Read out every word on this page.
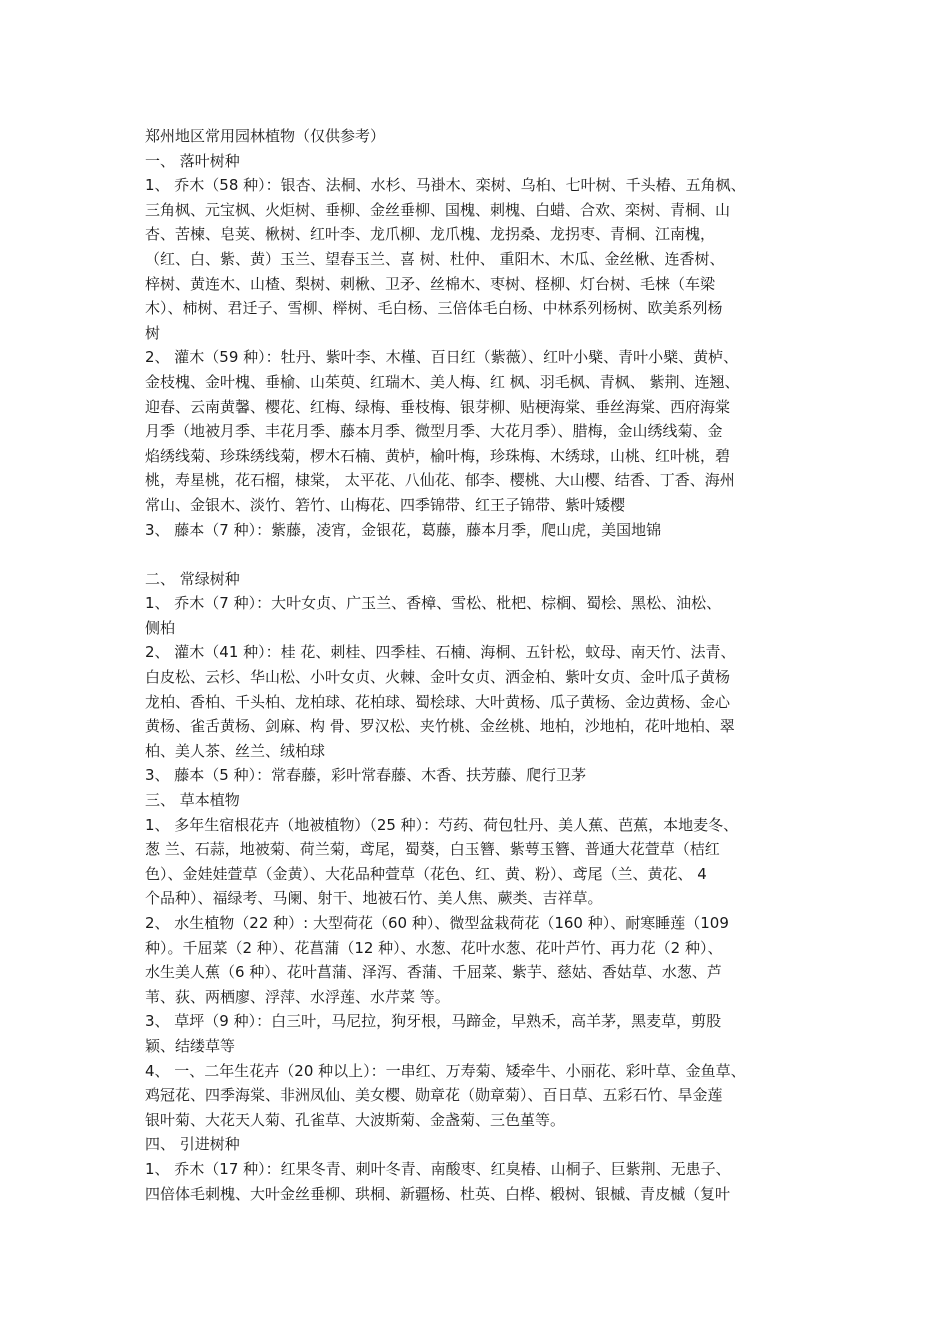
郑州地区常用园林植物（仅供参考）
一、 落叶树种
1、 乔木（58 种）：银杏、法桐、水杉、马褂木、栾树、乌桕、七叶树、千头椿、五角枫、
三角枫、元宝枫、火炬树、垂柳、金丝垂柳、国槐、刺槐、白蜡、合欢、栾树、青桐、山
杏、苦楝、皂荚、楸树、红叶李、龙爪柳、龙爪槐、龙拐桑、龙拐枣、青桐、江南槐，
（红、白、紫、黄）玉兰、望春玉兰、喜 树、杜仲、 重阳木、木瓜、金丝楸、连香树、
梓树、黄连木、山楂、梨树、刺楸、卫矛、丝棉木、枣树、柽柳、灯台树、毛梾（车梁
木）、柿树、君迁子、雪柳、榉树、毛白杨、三倍体毛白杨、中林系列杨树、欧美系列杨
树
2、 灌木（59 种）：牡丹、紫叶李、木槿、百日红（紫薇）、红叶小檗、青叶小檗、黄栌、
金枝槐、金叶槐、垂榆、山茱萸、红瑞木、美人梅、红 枫、羽毛枫、青枫、 紫荆、连翘、
迎春、云南黄馨、樱花、红梅、绿梅、垂枝梅、银芽柳、贴梗海棠、垂丝海棠、西府海棠
月季（地被月季、丰花月季、藤本月季、微型月季、大花月季）、腊梅，金山绣线菊、金
焰绣线菊、珍珠绣线菊，椤木石楠、黄栌，榆叶梅，珍珠梅、木绣球，山桃、红叶桃，碧
桃，寿星桃，花石榴，棣棠， 太平花、八仙花、郁李、樱桃、大山樱、结香、丁香、海州
常山、金银木、淡竹、箬竹、山梅花、四季锦带、红王子锦带、紫叶矮樱
3、 藤本（7 种）：紫藤，凌宵，金银花，葛藤，藤本月季，爬山虎，美国地锦
二、 常绿树种
1、 乔木（7 种）：大叶女贞、广玉兰、香樟、雪松、枇杷、棕榈、蜀桧、黑松、油松、
侧柏
2、 灌木（41 种）：桂 花、刺桂、四季桂、石楠、海桐、五针松，蚊母、南天竹、法青、
白皮松、云杉、华山松、小叶女贞、火棘、金叶女贞、洒金柏、紫叶女贞、金叶瓜子黄杨
龙柏、香柏、千头柏、龙柏球、花柏球、蜀桧球、大叶黄杨、瓜子黄杨、金边黄杨、金心
黄杨、雀舌黄杨、剑麻、构 骨、罗汉松、夹竹桃、金丝桃、地柏，沙地柏，花叶地柏、翠
柏、美人茶、丝兰、绒柏球
3、 藤本（5 种）：常春藤，彩叶常春藤、木香、扶芳藤、爬行卫茅
三、 草本植物
1、 多年生宿根花卉（地被植物）（25 种）：芍药、荷包牡丹、美人蕉、芭蕉，本地麦冬、
葱 兰、石蒜，地被菊、荷兰菊，鸢尾，蜀葵，白玉簪、紫萼玉簪、普通大花萱草（桔红
色）、金娃娃萱草（金黄）、大花品种萱草（花色、红、黄、粉）、鸢尾（兰、黄花、 4
个品种）、福绿考、马阑、射干、地被石竹、美人焦、蕨类、吉祥草。
2、 水生植物（22 种）: 大型荷花（60 种）、微型盆栽荷花（160 种）、耐寒睡莲（109
种）。千屈菜（2 种）、花菖蒲（12 种）、水葱、花叶水葱、花叶芦竹、再力花（2 种）、
水生美人蕉（6 种）、花叶菖蒲、泽泻、香蒲、千屈菜、紫芋、慈姑、香姑草、水葱、芦
苇、荻、两栖廖、浮萍、水浮莲、水芹菜 等。
3、 草坪（9 种）：白三叶，马尼拉，狗牙根，马蹄金，早熟禾，高羊茅，黑麦草，剪股
颖、结缕草等
4、 一、二年生花卉（20 种以上）：一串红、万寿菊、矮牵牛、小丽花、彩叶草、金鱼草、
鸡冠花、四季海棠、非洲凤仙、美女樱、勋章花（勋章菊）、百日草、五彩石竹、旱金莲
银叶菊、大花天人菊、孔雀草、大波斯菊、金盏菊、三色堇等。
四、 引进树种
1、 乔木（17 种）：红果冬青、刺叶冬青、南酸枣、红臭椿、山桐子、巨紫荆、无患子、
四倍体毛刺槐、大叶金丝垂柳、珙桐、新疆杨、杜英、白桦、椴树、银槭、青皮槭（复叶
